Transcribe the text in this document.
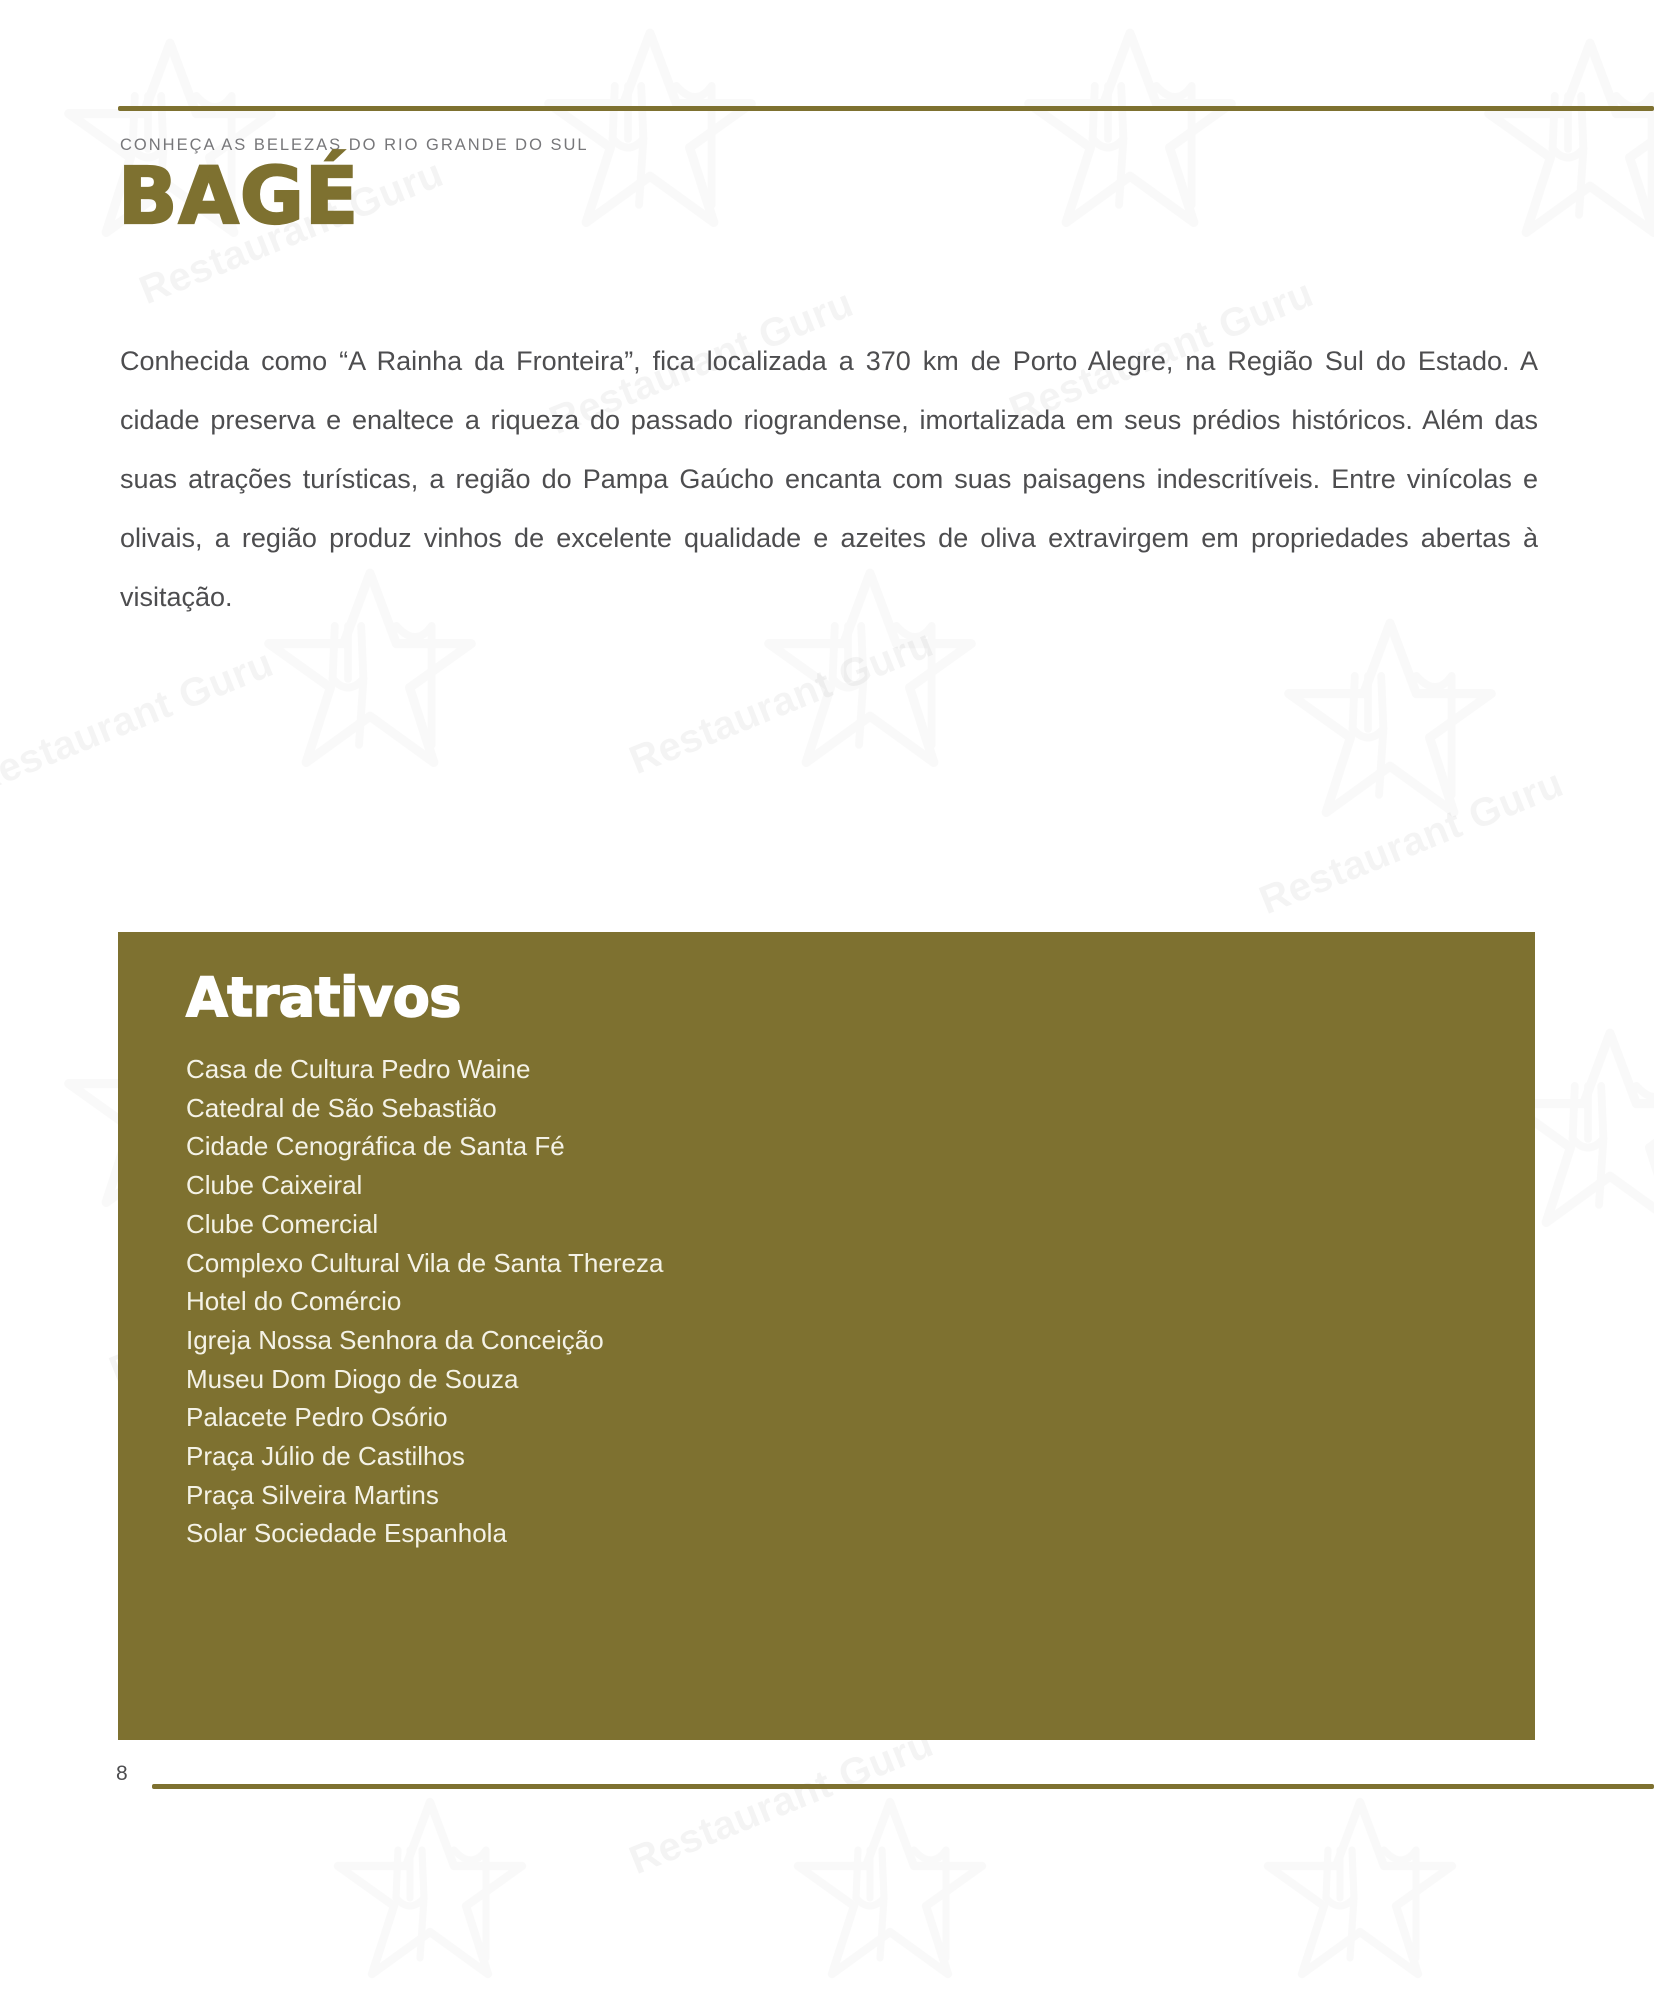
CONHEÇA AS BELEZAS DO RIO GRANDE DO SUL
BAGÉ
Conhecida como “A Rainha da Fronteira”, fica localizada a 370 km de Porto Alegre, na Região Sul do Estado. A cidade preserva e enaltece a riqueza do passado riograndense, imortalizada em seus prédios históricos. Além das suas atrações turísticas, a região do Pampa Gaúcho encanta com suas paisagens indescritíveis. Entre vinícolas e olivais, a região produz vinhos de excelente qualidade e azeites de oliva extravirgem em propriedades abertas à visitação.
Atrativos
Casa de Cultura Pedro Waine
Catedral de São Sebastião
Cidade Cenográfica de Santa Fé
Clube Caixeiral
Clube Comercial
Complexo Cultural Vila de Santa Thereza
Hotel do Comércio
Igreja Nossa Senhora da Conceição
Museu Dom Diogo de Souza
Palacete Pedro Osório
Praça Júlio de Castilhos
Praça Silveira Martins
Solar Sociedade Espanhola
8
